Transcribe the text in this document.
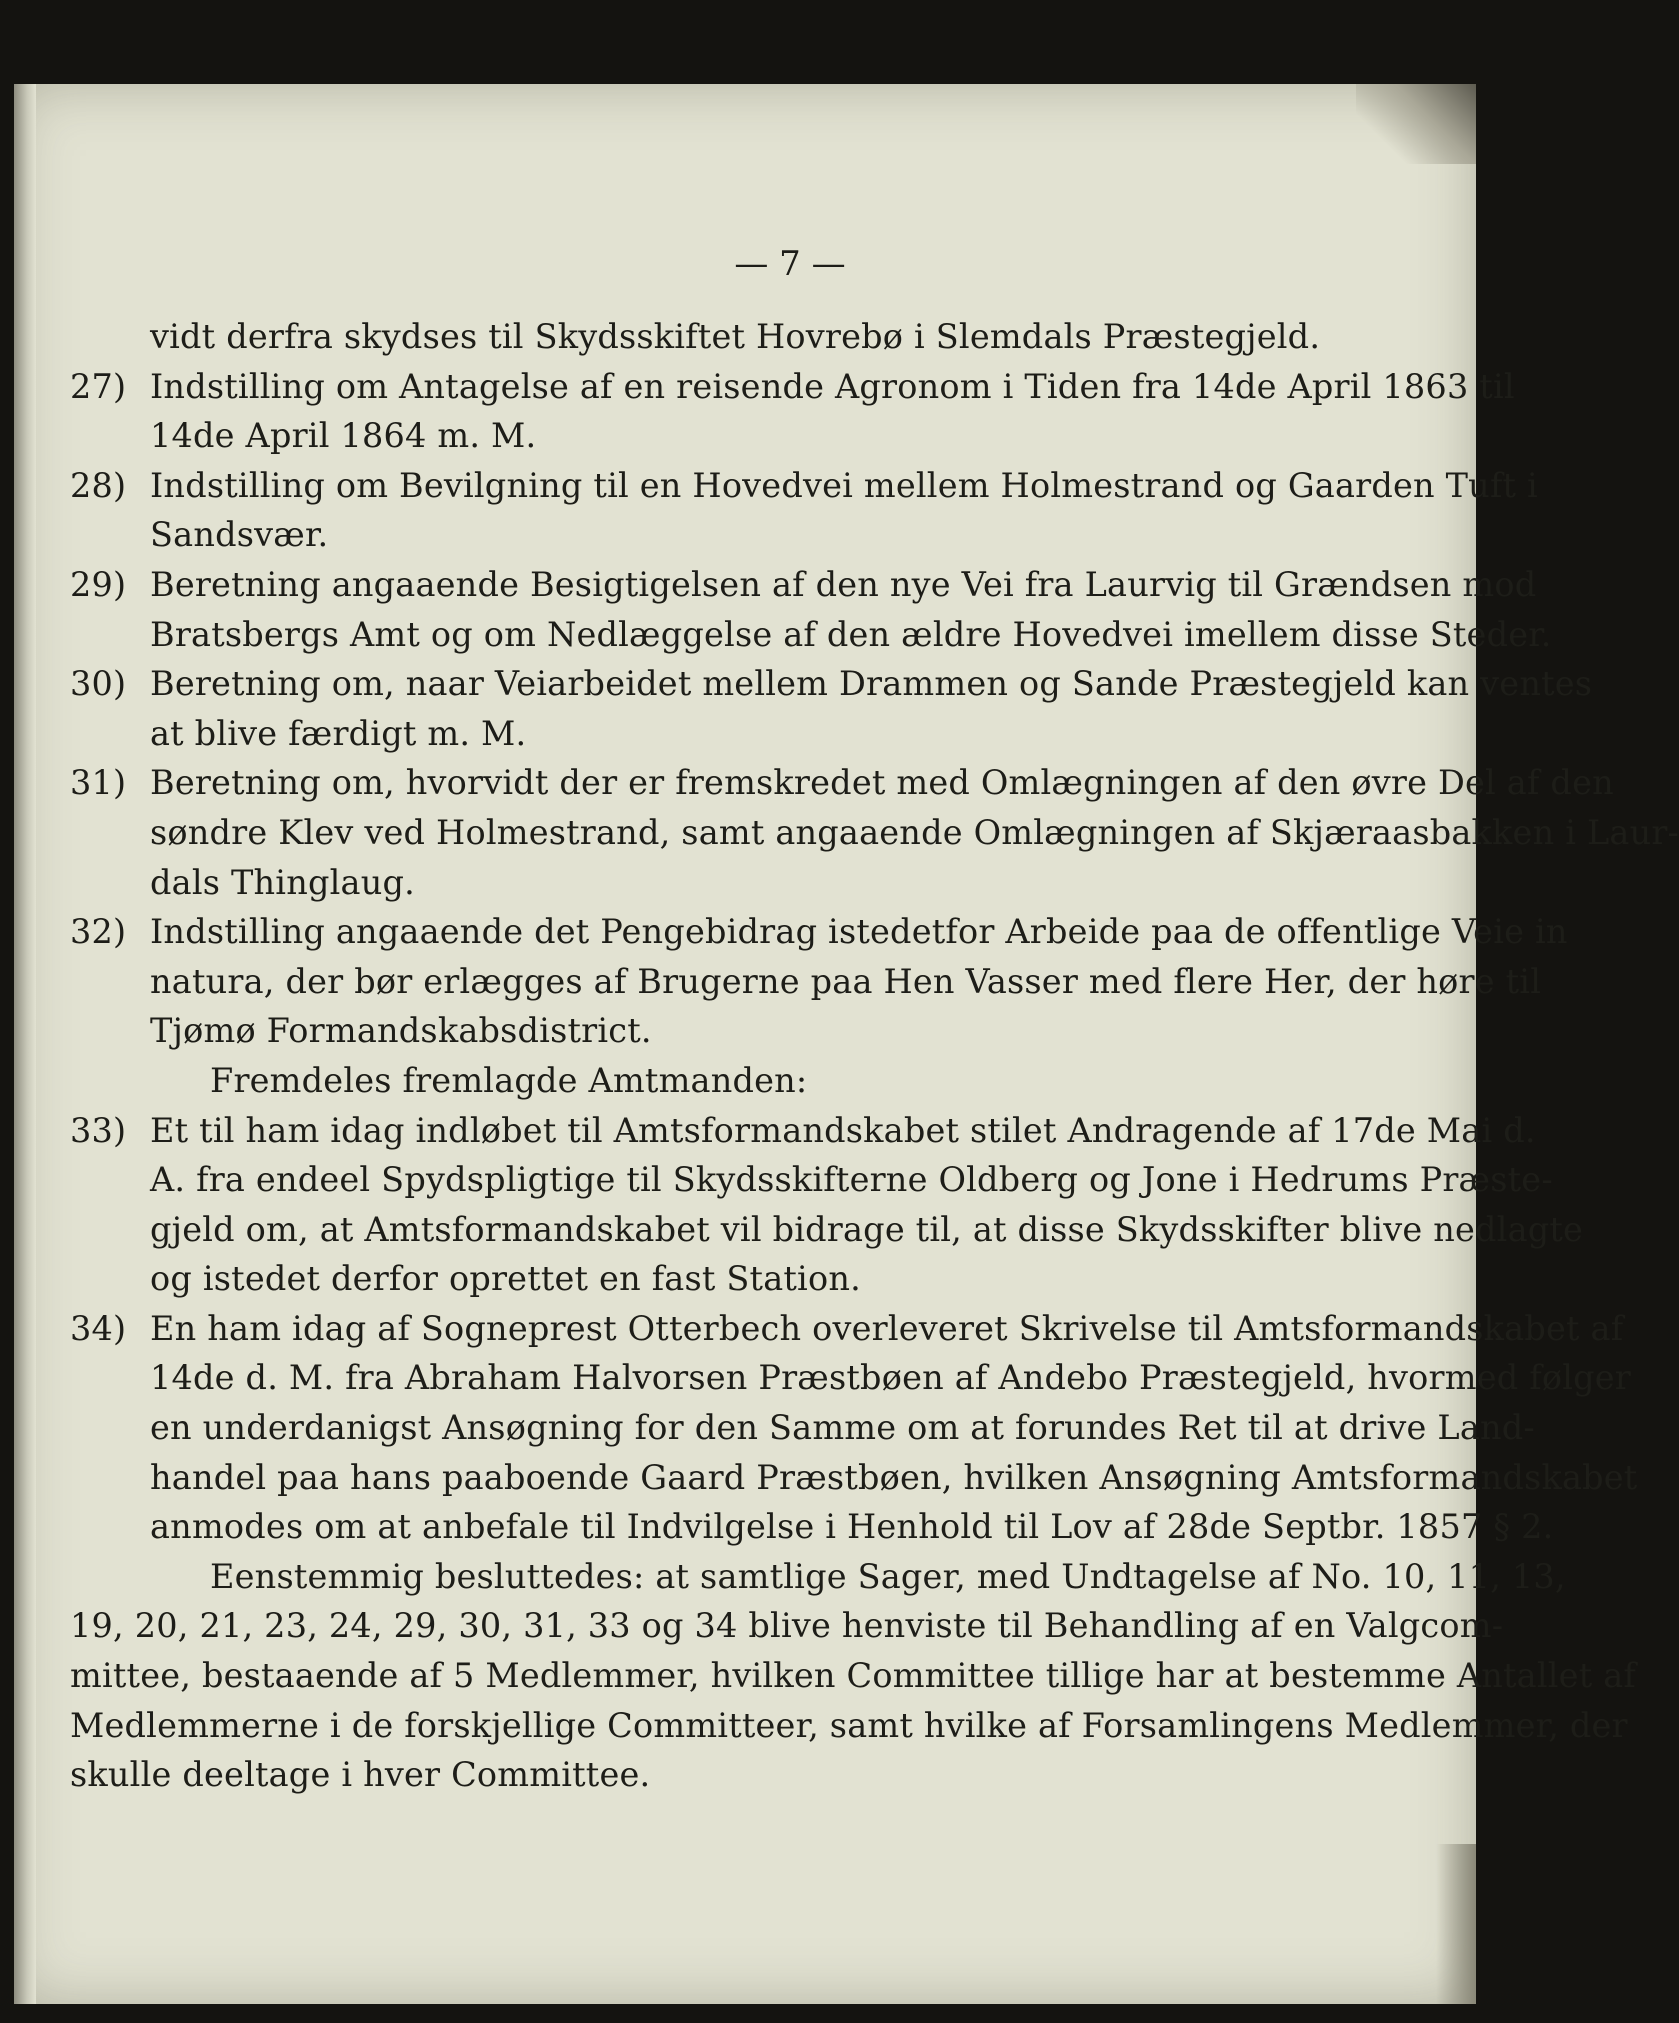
— 7 —
vidt derfra skydses til Skydsskiftet Hovrebø i Slemdals Præstegjeld.
27) Indstilling om Antagelse af en reisende Agronom i Tiden fra 14de April 1863 til
14de April 1864 m. M.
28) Indstilling om Bevilgning til en Hovedvei mellem Holmestrand og Gaarden Tuft i
Sandsvær.
29) Beretning angaaende Besigtigelsen af den nye Vei fra Laurvig til Grændsen mod
Bratsbergs Amt og om Nedlæggelse af den ældre Hovedvei imellem disse Steder.
30) Beretning om, naar Veiarbeidet mellem Drammen og Sande Præstegjeld kan ventes
at blive færdigt m. M.
31) Beretning om, hvorvidt der er fremskredet med Omlægningen af den øvre Del af den
søndre Klev ved Holmestrand, samt angaaende Omlægningen af Skjæraasbakken i Laur-
dals Thinglaug.
32) Indstilling angaaende det Pengebidrag istedetfor Arbeide paa de offentlige Veie in
natura, der bør erlægges af Brugerne paa Hen Vasser med flere Her, der høre til
Tjømø Formandskabsdistrict.
Fremdeles fremlagde Amtmanden:
33) Et til ham idag indløbet til Amtsformandskabet stilet Andragende af 17de Mai d.
A. fra endeel Spydspligtige til Skydsskifterne Oldberg og Jone i Hedrums Præste-
gjeld om, at Amtsformandskabet vil bidrage til, at disse Skydsskifter blive nedlagte
og istedet derfor oprettet en fast Station.
34) En ham idag af Sogneprest Otterbech overleveret Skrivelse til Amtsformandskabet af
14de d. M. fra Abraham Halvorsen Præstbøen af Andebo Præstegjeld, hvormed følger
en underdanigst Ansøgning for den Samme om at forundes Ret til at drive Land-
handel paa hans paaboende Gaard Præstbøen, hvilken Ansøgning Amtsformandskabet
anmodes om at anbefale til Indvilgelse i Henhold til Lov af 28de Septbr. 1857 § 2.
Eenstemmig besluttedes: at samtlige Sager, med Undtagelse af No. 10, 11, 13,
19, 20, 21, 23, 24, 29, 30, 31, 33 og 34 blive henviste til Behandling af en Valgcom-
mittee, bestaaende af 5 Medlemmer, hvilken Committee tillige har at bestemme Antallet af
Medlemmerne i de forskjellige Committeer, samt hvilke af Forsamlingens Medlemmer, der
skulle deeltage i hver Committee.
